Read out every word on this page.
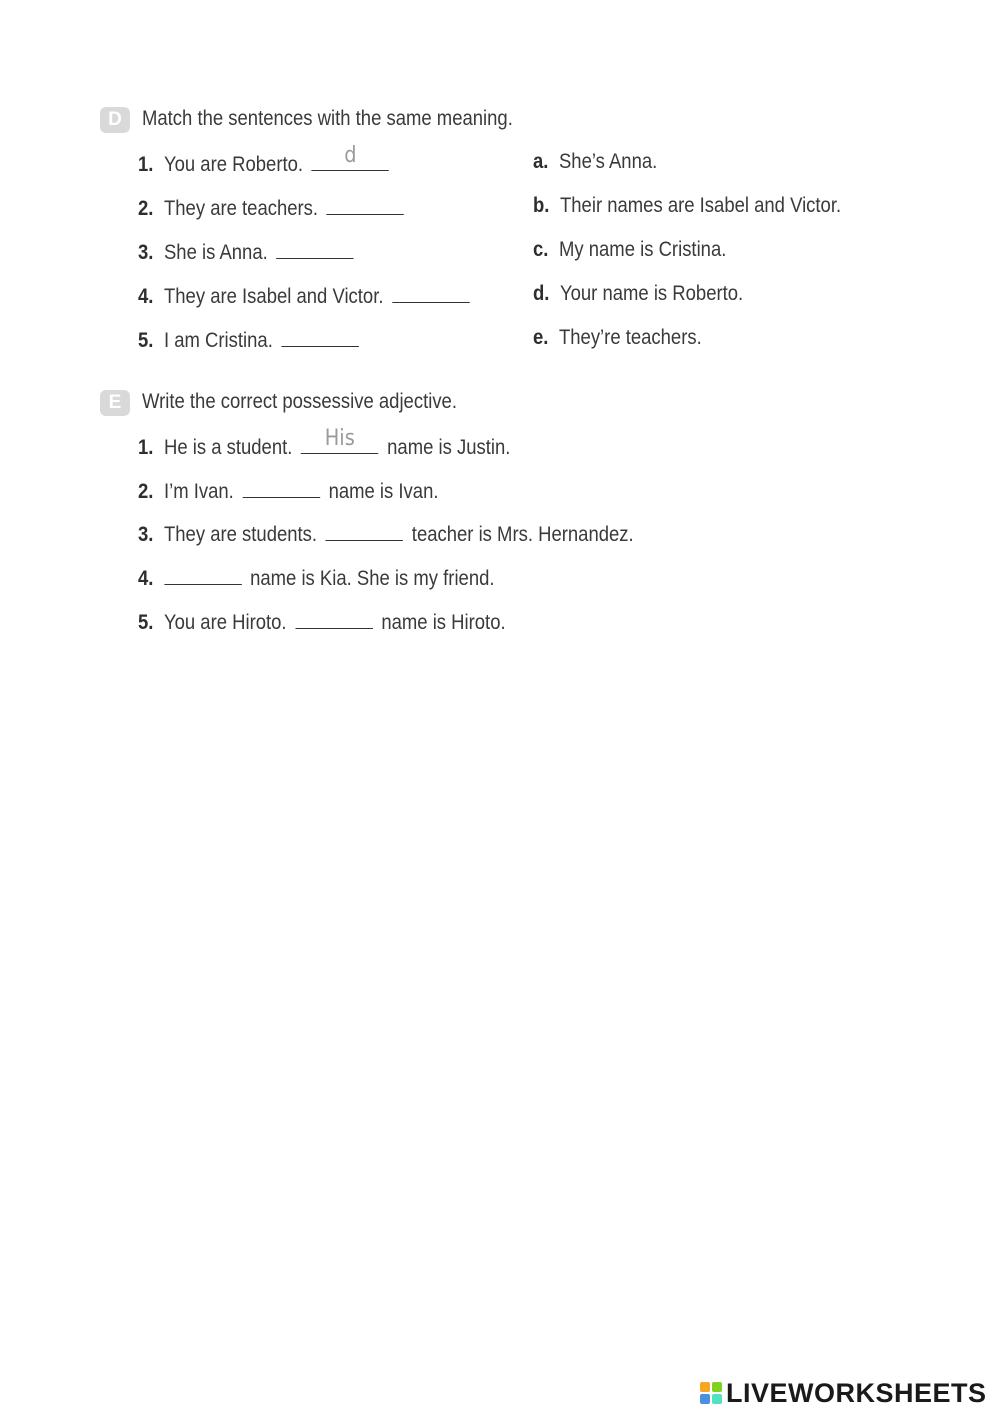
D Match the sentences with the same meaning.
1. You are Roberto.	d
2. They are teachers.
3. She is Anna.
4. They are Isabel and Victor.
5. I am Cristina.
a. She’s Anna.
b. Their names are Isabel and Victor.
c. My name is Cristina.
d. Your name is Roberto.
e. They’re teachers.
E Write the correct possessive adjective.
1. He is a student.	His	name is Justin.
2. I’m Ivan.	name is Ivan.
3. They are students.	teacher is Mrs. Hernandez.
4.	name is Kia. She is my friend.
5. You are Hiroto.	name is Hiroto.
LIVEWORKSHEETS
